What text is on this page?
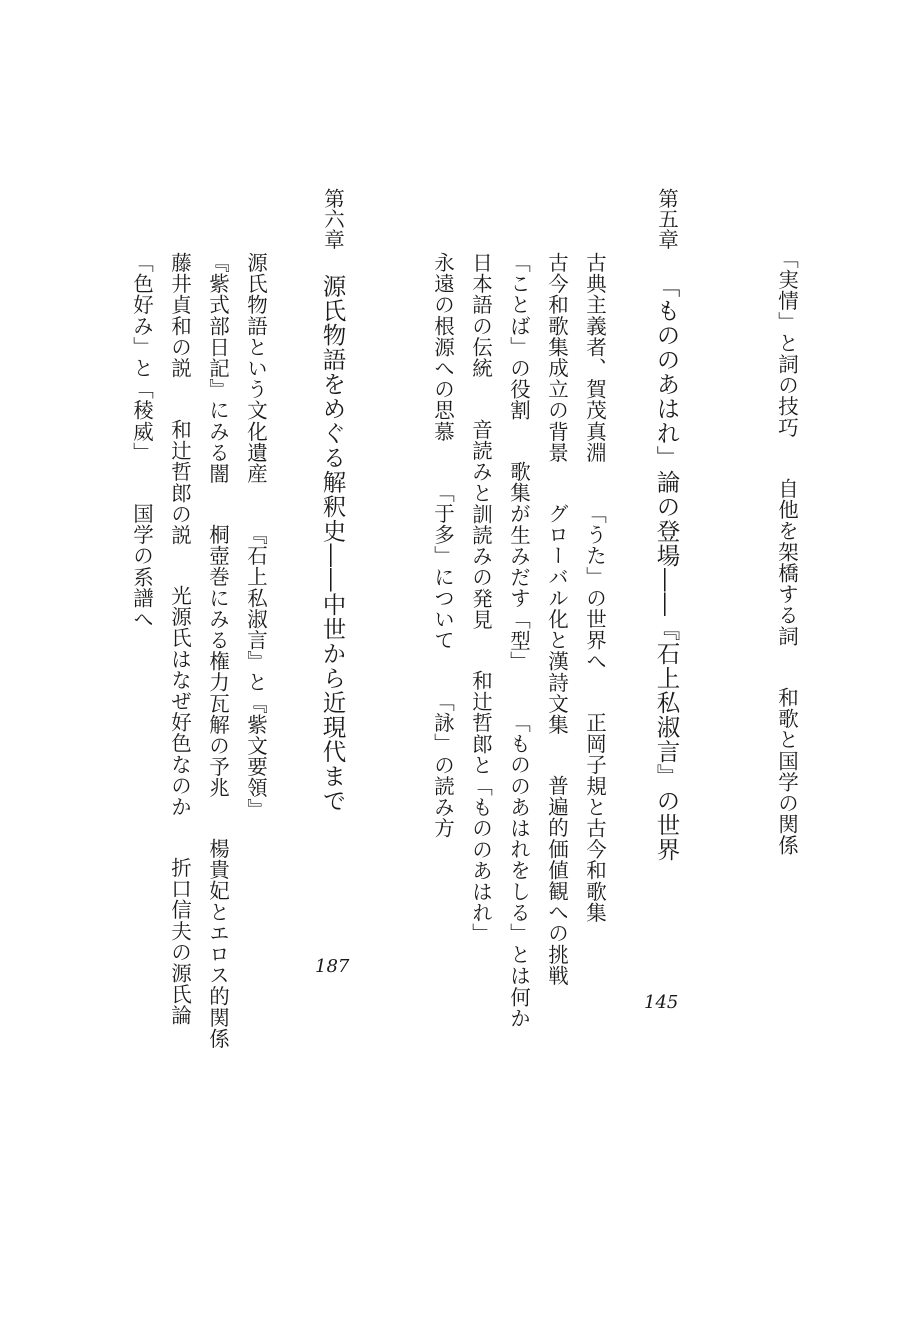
「実情」と詞の技巧自他を架橋する詞和歌と国学の関係
第五章「もののあはれ」論の登場――『石上私淑言』の世界
145
古典主義者、賀茂真淵「うた」の世界へ正岡子規と古今和歌集
古今和歌集成立の背景グローバル化と漢詩文集普遍的価値観への挑戦
「ことば」の役割歌集が生みだす「型」「もののあはれをしる」とは何か
日本語の伝統音読みと訓読みの発見和辻哲郎と「もののあはれ」
永遠の根源への思慕「于多」について「詠」の読み方
第六章源氏物語をめぐる解釈史――中世から近現代まで
187
源氏物語という文化遺産『石上私淑言』と『紫文要領』
『紫式部日記』にみる闇桐壺巻にみる権力瓦解の予兆楊貴妃とエロス的関係
藤井貞和の説和辻哲郎の説光源氏はなぜ好色なのか折口信夫の源氏論
「色好み」と「稜威」国学の系譜へ
